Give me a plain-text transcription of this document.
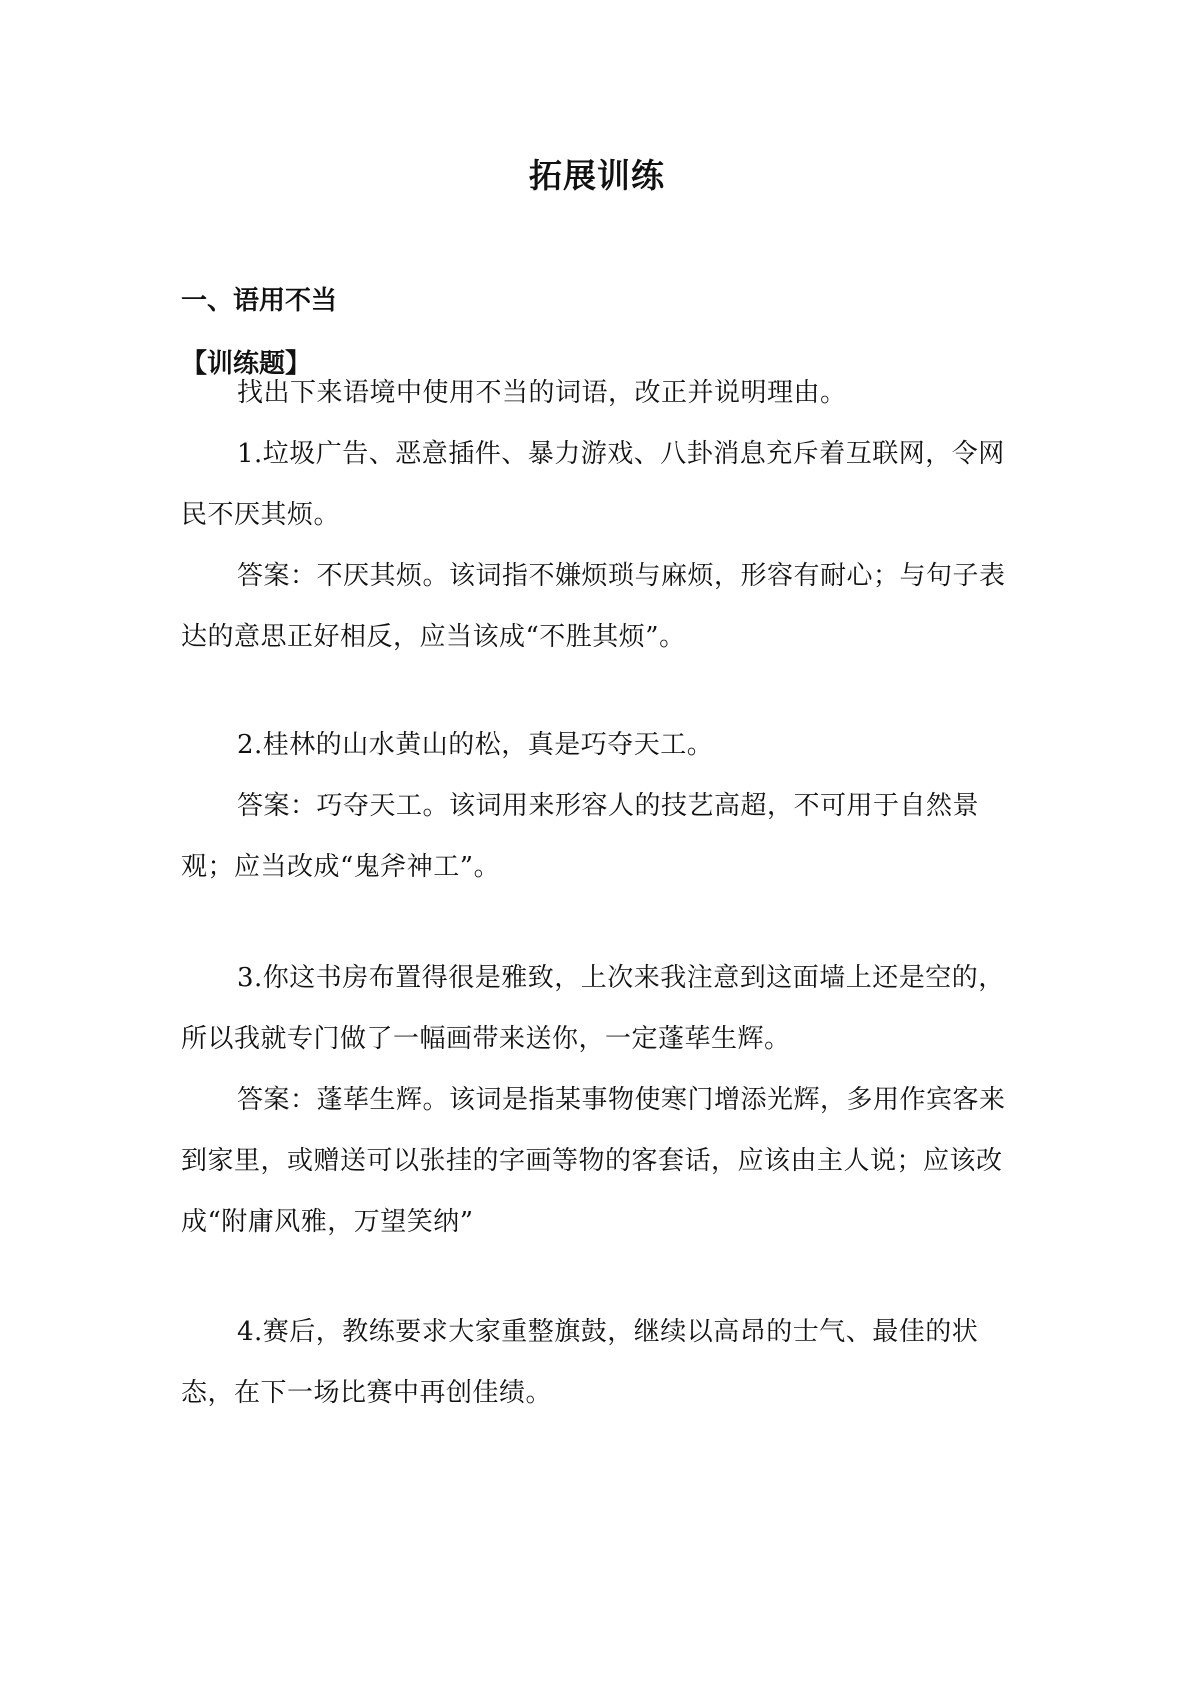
拓展训练
一、语用不当
【训练题】

找出下来语境中使用不当的词语，改正并说明理由。

1.垃圾广告、恶意插件、暴力游戏、八卦消息充斥着互联网，令网民不厌其烦。

答案：不厌其烦。该词指不嫌烦琐与麻烦，形容有耐心；与句子表达的意思正好相反，应当该成“不胜其烦”。

2.桂林的山水黄山的松，真是巧夺天工。

答案：巧夺天工。该词用来形容人的技艺高超，不可用于自然景观；应当改成“鬼斧神工”。

3.你这书房布置得很是雅致，上次来我注意到这面墙上还是空的，所以我就专门做了一幅画带来送你，一定蓬荜生辉。

答案：蓬荜生辉。该词是指某事物使寒门增添光辉，多用作宾客来到家里，或赠送可以张挂的字画等物的客套话，应该由主人说；应该改成“附庸风雅，万望笑纳”

4.赛后，教练要求大家重整旗鼓，继续以高昂的士气、最佳的状态，在下一场比赛中再创佳绩。
